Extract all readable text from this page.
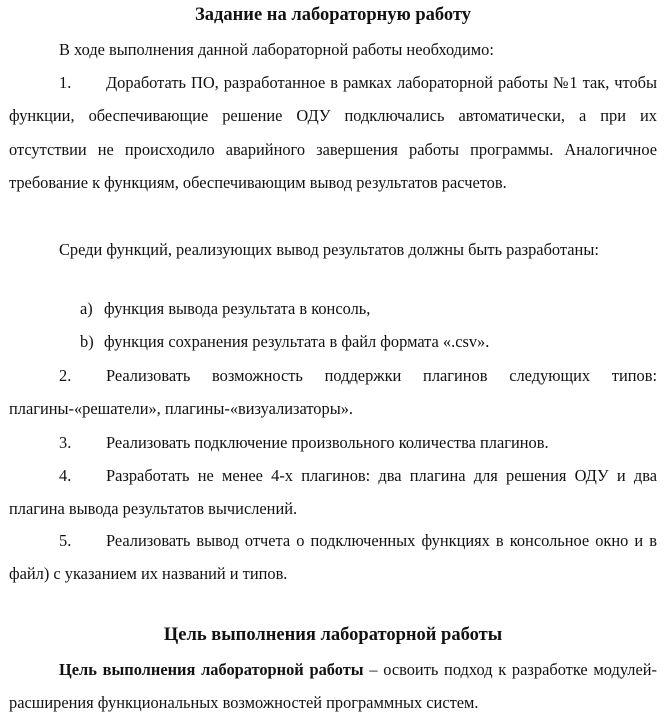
Задание на лабораторную работу

В ходе выполнения данной лабораторной работы необходимо:

1. Доработать ПО, разработанное в рамках лабораторной работы №1 так, чтобы функции, обеспечивающие решение ОДУ подключались автоматически, а при их отсутствии не происходило аварийного завершения работы программы. Аналогичное требование к функциям, обеспечивающим вывод результатов расчетов.

Среди функций, реализующих вывод результатов должны быть разработаны:

a) функция вывода результата в консоль,
b) функция сохранения результата в файл формата «.csv».

2. Реализовать возможность поддержки плагинов следующих типов: плагины-«решатели», плагины-«визуализаторы».

3. Реализовать подключение произвольного количества плагинов.

4. Разработать не менее 4-х плагинов: два плагина для решения ОДУ и два плагина вывода результатов вычислений.

5. Реализовать вывод отчета о подключенных функциях в консольное окно и в файл) с указанием их названий и типов.

Цель выполнения лабораторной работы

Цель выполнения лабораторной работы – освоить подход к разработке модулей-расширения функциональных возможностей программных систем.
